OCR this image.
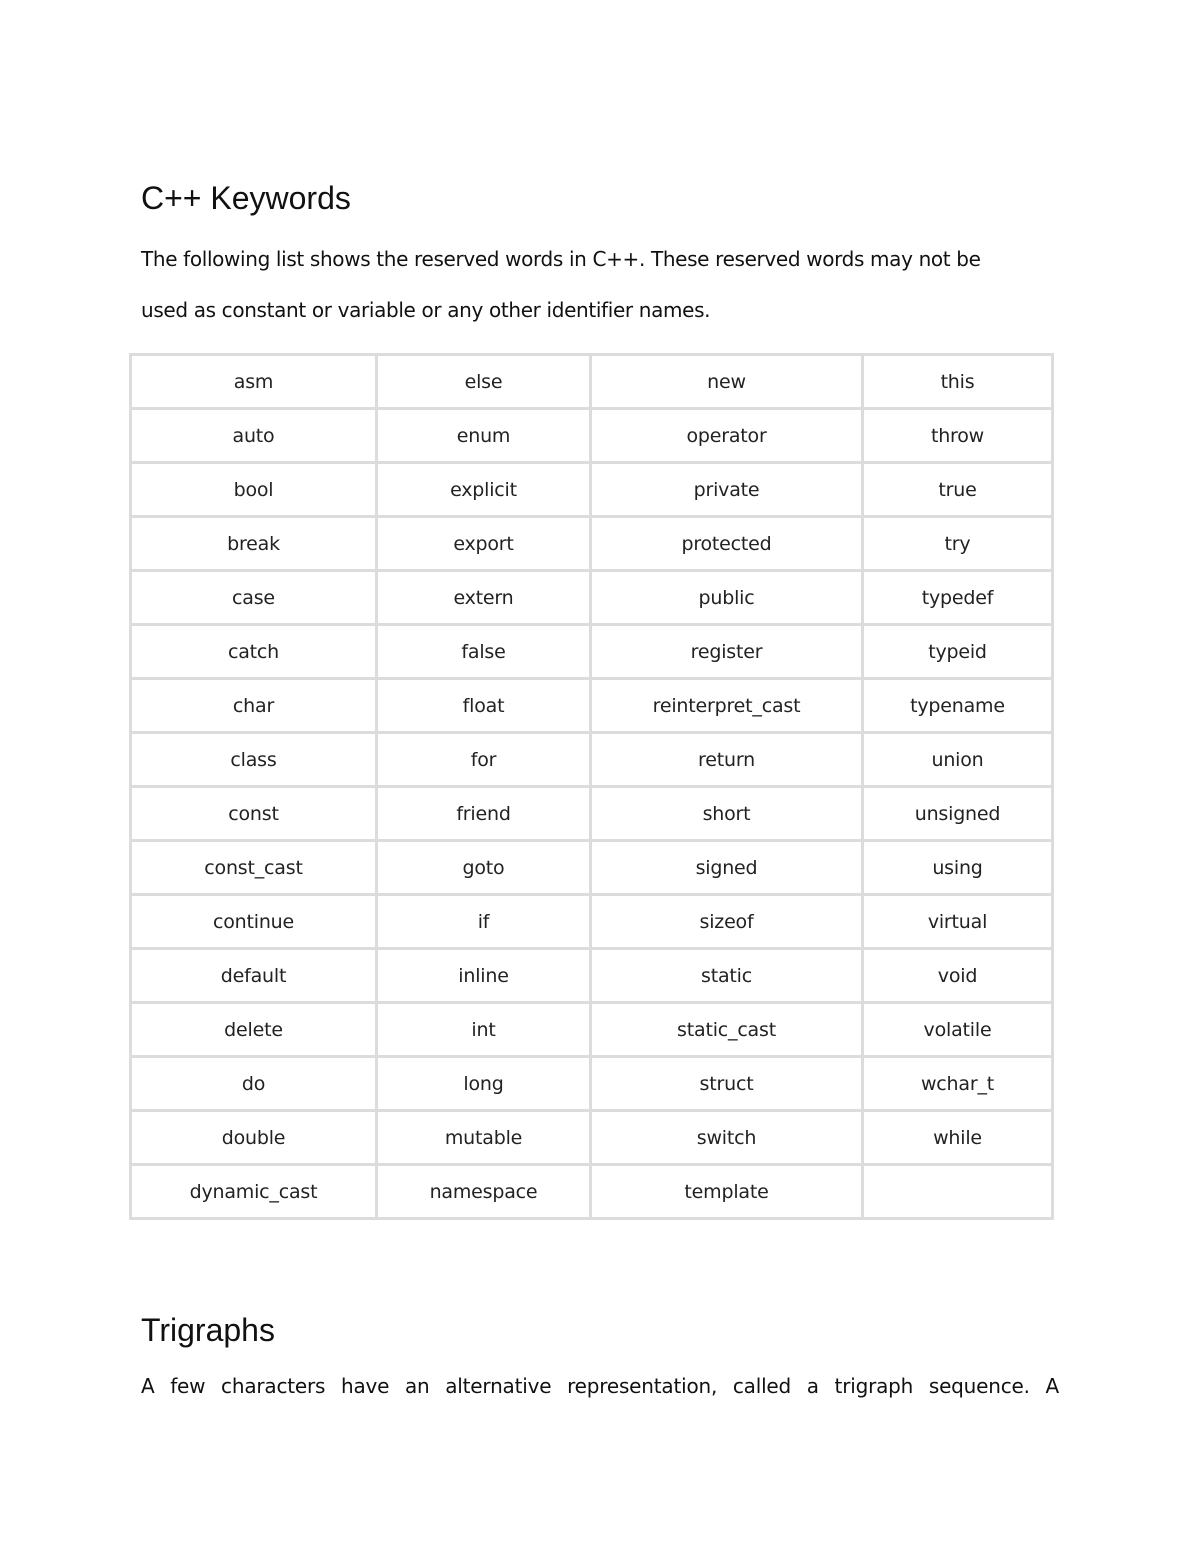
C++ Keywords

The following list shows the reserved words in C++. These reserved words may not be
used as constant or variable or any other identifier names.

asm	else	new	this
auto	enum	operator	throw
bool	explicit	private	true
break	export	protected	try
case	extern	public	typedef
catch	false	register	typeid
char	float	reinterpret_cast	typename
class	for	return	union
const	friend	short	unsigned
const_cast	goto	signed	using
continue	if	sizeof	virtual
default	inline	static	void
delete	int	static_cast	volatile
do	long	struct	wchar_t
double	mutable	switch	while
dynamic_cast	namespace	template	
Trigraphs

A few characters have an alternative representation, called a trigraph sequence. A
